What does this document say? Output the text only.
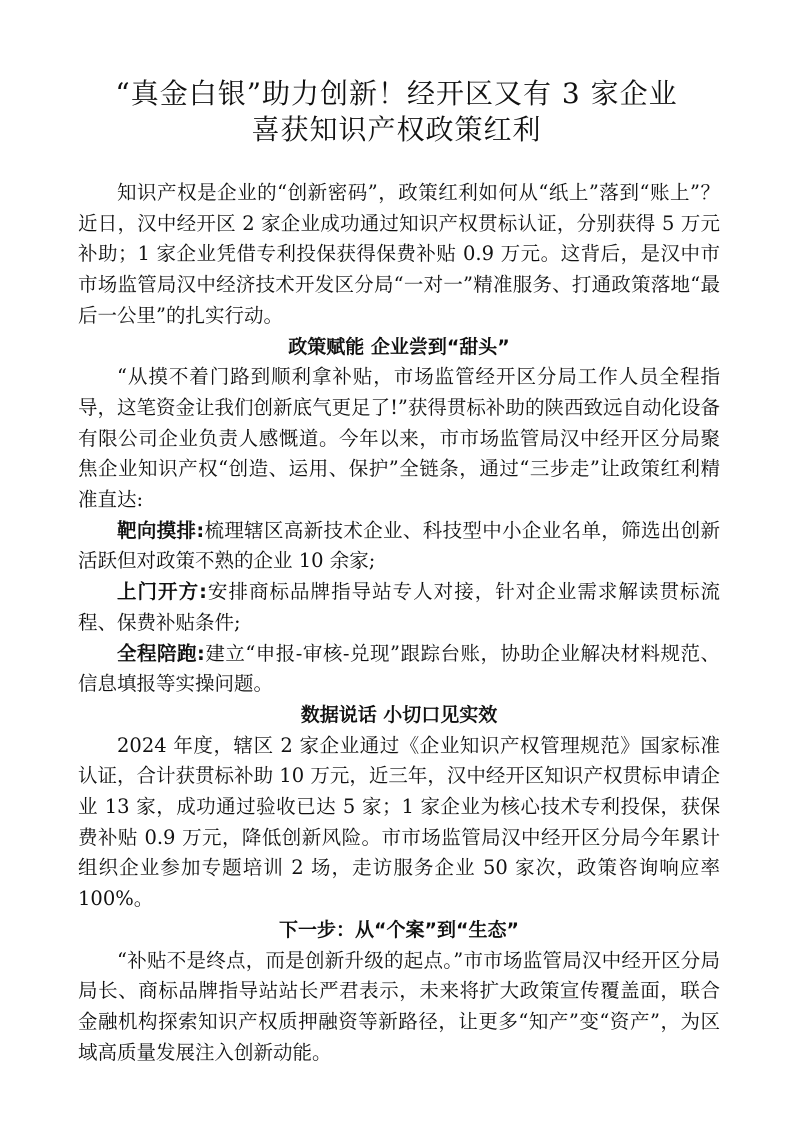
“真金白银”助力创新！经开区又有 3 家企业
喜获知识产权政策红利

知识产权是企业的“创新密码”，政策红利如何从“纸上”落到“账上”？近日，汉中经开区 2 家企业成功通过知识产权贯标认证，分别获得 5 万元补助；1 家企业凭借专利投保获得保费补贴 0.9 万元。这背后，是汉中市市场监管局汉中经济技术开发区分局“一对一”精准服务、打通政策落地“最后一公里”的扎实行动。

政策赋能 企业尝到“甜头”

“从摸不着门路到顺利拿补贴，市场监管经开区分局工作人员全程指导，这笔资金让我们创新底气更足了!”获得贯标补助的陕西致远自动化设备有限公司企业负责人感慨道。今年以来，市市场监管局汉中经开区分局聚焦企业知识产权“创造、运用、保护”全链条，通过“三步走”让政策红利精准直达:

靶向摸排:梳理辖区高新技术企业、科技型中小企业名单，筛选出创新活跃但对政策不熟的企业 10 余家;

上门开方:安排商标品牌指导站专人对接，针对企业需求解读贯标流程、保费补贴条件;

全程陪跑:建立“申报-审核-兑现”跟踪台账，协助企业解决材料规范、信息填报等实操问题。

数据说话 小切口见实效

2024 年度，辖区 2 家企业通过《企业知识产权管理规范》国家标准认证，合计获贯标补助 10 万元，近三年，汉中经开区知识产权贯标申请企业 13 家，成功通过验收已达 5 家；1 家企业为核心技术专利投保，获保费补贴 0.9 万元，降低创新风险。市市场监管局汉中经开区分局今年累计组织企业参加专题培训 2 场，走访服务企业 50 家次，政策咨询响应率 100%。

下一步：从“个案”到“生态”

“补贴不是终点，而是创新升级的起点。”市市场监管局汉中经开区分局局长、商标品牌指导站站长严君表示，未来将扩大政策宣传覆盖面，联合金融机构探索知识产权质押融资等新路径，让更多“知产”变“资产”，为区域高质量发展注入创新动能。
